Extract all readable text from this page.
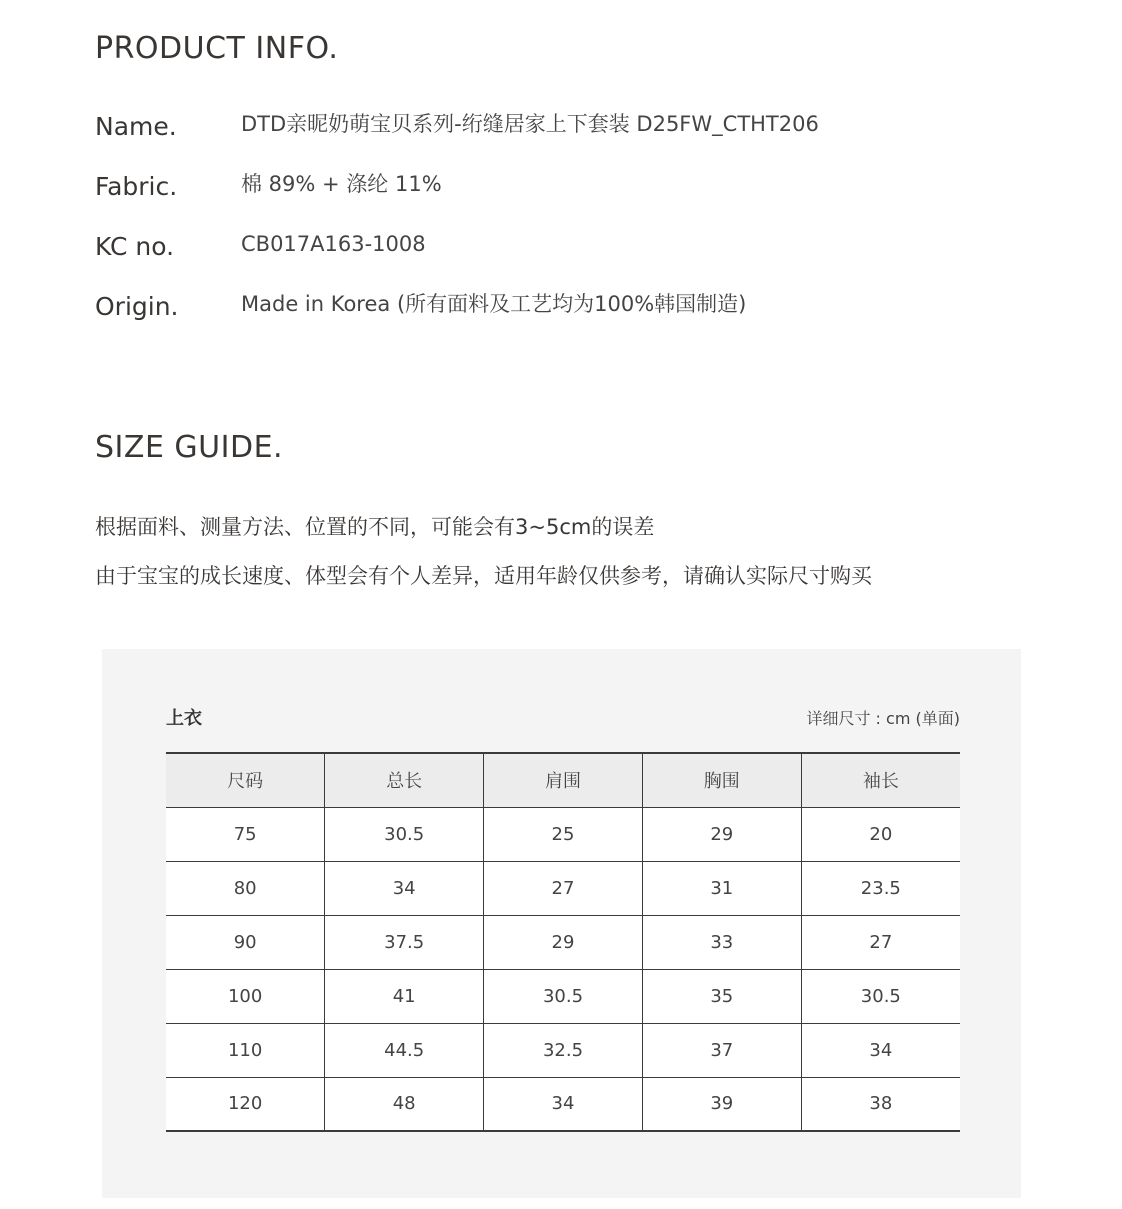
PRODUCT INFO.
Name.	DTD亲昵奶萌宝贝系列-绗缝居家上下套装 D25FW_CTHT206
Fabric.	棉 89% + 涤纶 11%
KC no.	CB017A163-1008
Origin.	Made in Korea (所有面料及工艺均为100%韩国制造)
SIZE GUIDE.
根据面料、测量方法、位置的不同，可能会有3~5cm的误差
由于宝宝的成长速度、体型会有个人差异，适用年龄仅供参考，请确认实际尺寸购买
上衣	详细尺寸 : cm (单面)
尺码	总长	肩围	胸围	袖长
75	30.5	25	29	20
80	34	27	31	23.5
90	37.5	29	33	27
100	41	30.5	35	30.5
110	44.5	32.5	37	34
120	48	34	39	38
